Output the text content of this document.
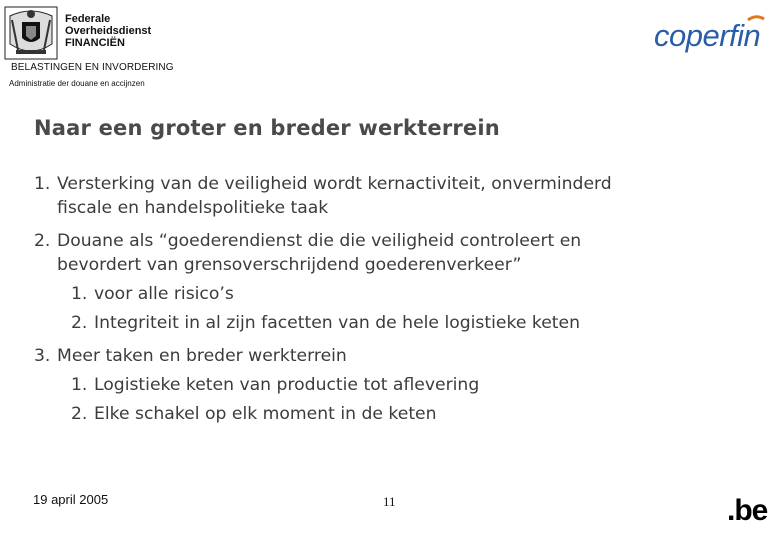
Federale
Overheidsdienst
FINANCIËN
BELASTINGEN EN INVORDERING
Administratie der douane en accijnzen
coperfin
Naar een groter en breder werkterrein
1. Versterking van de veiligheid wordt kernactiviteit, onverminderd
fiscale en handelspolitieke taak
2. Douane als “goederendienst die die veiligheid controleert en
bevordert van grensoverschrijdend goederenverkeer”
1. voor alle risico’s
2. Integriteit in al zijn facetten van de hele logistieke keten
3. Meer taken en breder werkterrein
1. Logistieke keten van productie tot aflevering
2. Elke schakel op elk moment in de keten
19 april 2005	11	.be
